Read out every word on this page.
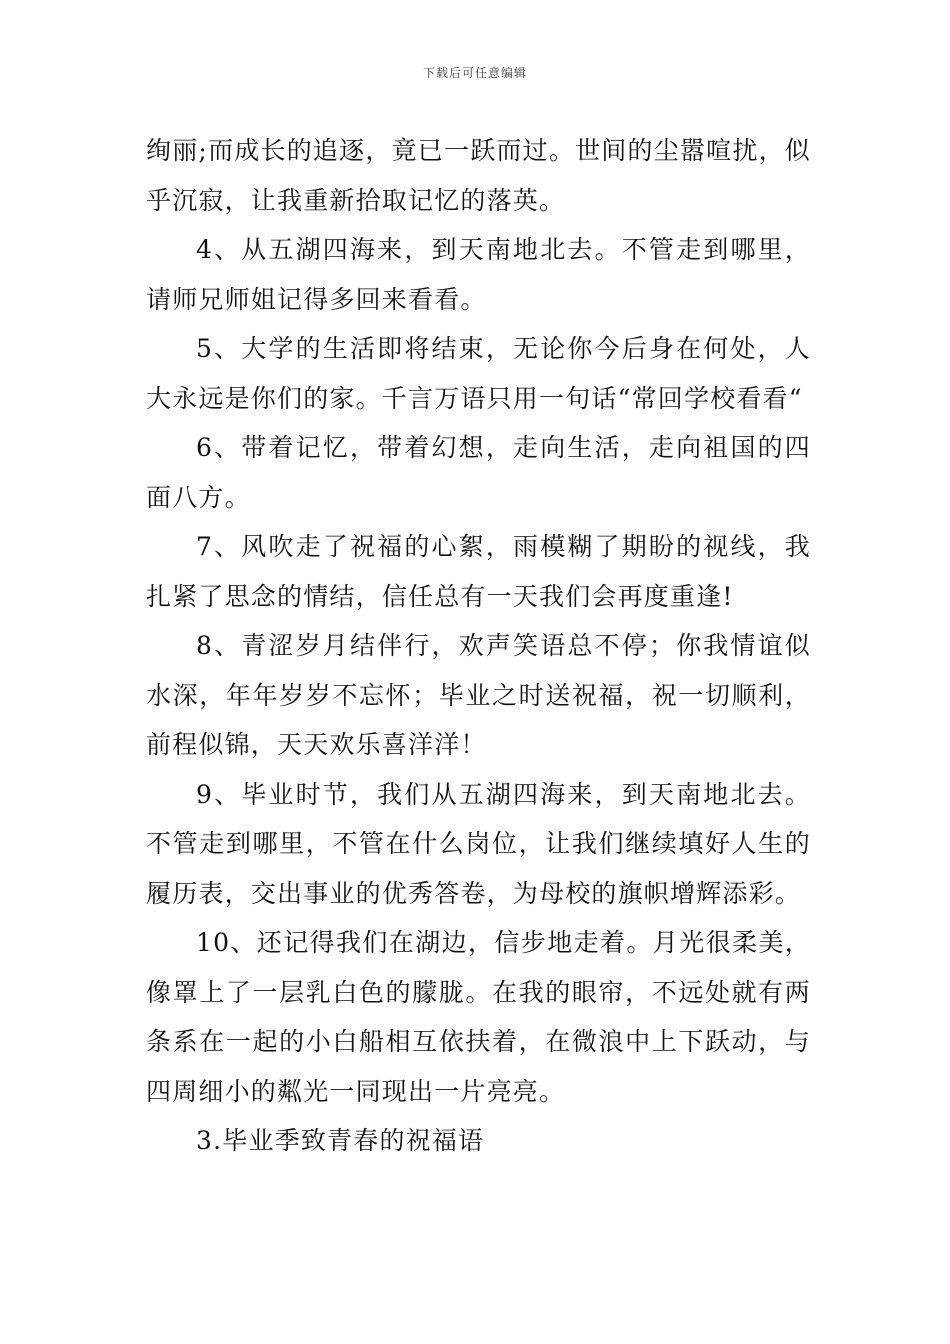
下载后可任意编辑

绚丽;而成长的追逐，竟已一跃而过。世间的尘嚣喧扰，似乎沉寂，让我重新拾取记忆的落英。

4、从五湖四海来，到天南地北去。不管走到哪里，请师兄师姐记得多回来看看。

5、大学的生活即将结束，无论你今后身在何处，人大永远是你们的家。千言万语只用一句话“常回学校看看“

6、带着记忆，带着幻想，走向生活，走向祖国的四面八方。

7、风吹走了祝福的心絮，雨模糊了期盼的视线，我扎紧了思念的情结，信任总有一天我们会再度重逢!

8、青涩岁月结伴行，欢声笑语总不停；你我情谊似水深，年年岁岁不忘怀；毕业之时送祝福，祝一切顺利，前程似锦，天天欢乐喜洋洋！

9、毕业时节，我们从五湖四海来，到天南地北去。不管走到哪里，不管在什么岗位，让我们继续填好人生的履历表，交出事业的优秀答卷，为母校的旗帜增辉添彩。

10、还记得我们在湖边，信步地走着。月光很柔美，像罩上了一层乳白色的朦胧。在我的眼帘，不远处就有两条系在一起的小白船相互依扶着，在微浪中上下跃动，与四周细小的粼光一同现出一片亮亮。

3.毕业季致青春的祝福语
